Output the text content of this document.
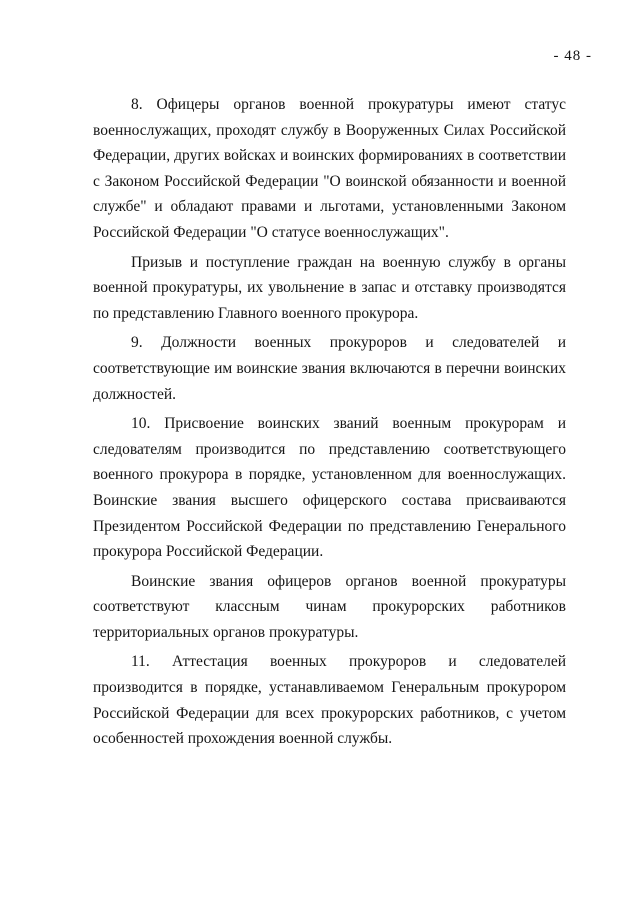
- 48 -

8. Офицеры органов военной прокуратуры имеют статус военнослужащих, проходят службу в Вооруженных Силах Российской Федерации, других войсках и воинских формированиях в соответствии с Законом Российской Федерации "О воинской обязанности и военной службе" и обладают правами и льготами, установленными Законом Российской Федерации "О статусе военнослужащих".

Призыв и поступление граждан на военную службу в органы военной прокуратуры, их увольнение в запас и отставку производятся по представлению Главного военного прокурора.

9. Должности военных прокуроров и следователей и соответствующие им воинские звания включаются в перечни воинских должностей.

10. Присвоение воинских званий военным прокурорам и следователям производится по представлению соответствующего военного прокурора в порядке, установленном для военнослужащих. Воинские звания высшего офицерского состава присваиваются Президентом Российской Федерации по представлению Генерального прокурора Российской Федерации.

Воинские звания офицеров органов военной прокуратуры соответствуют классным чинам прокурорских работников территориальных органов прокуратуры.

11. Аттестация военных прокуроров и следователей производится в порядке, устанавливаемом Генеральным прокурором Российской Федерации для всех прокурорских работников, с учетом особенностей прохождения военной службы.
